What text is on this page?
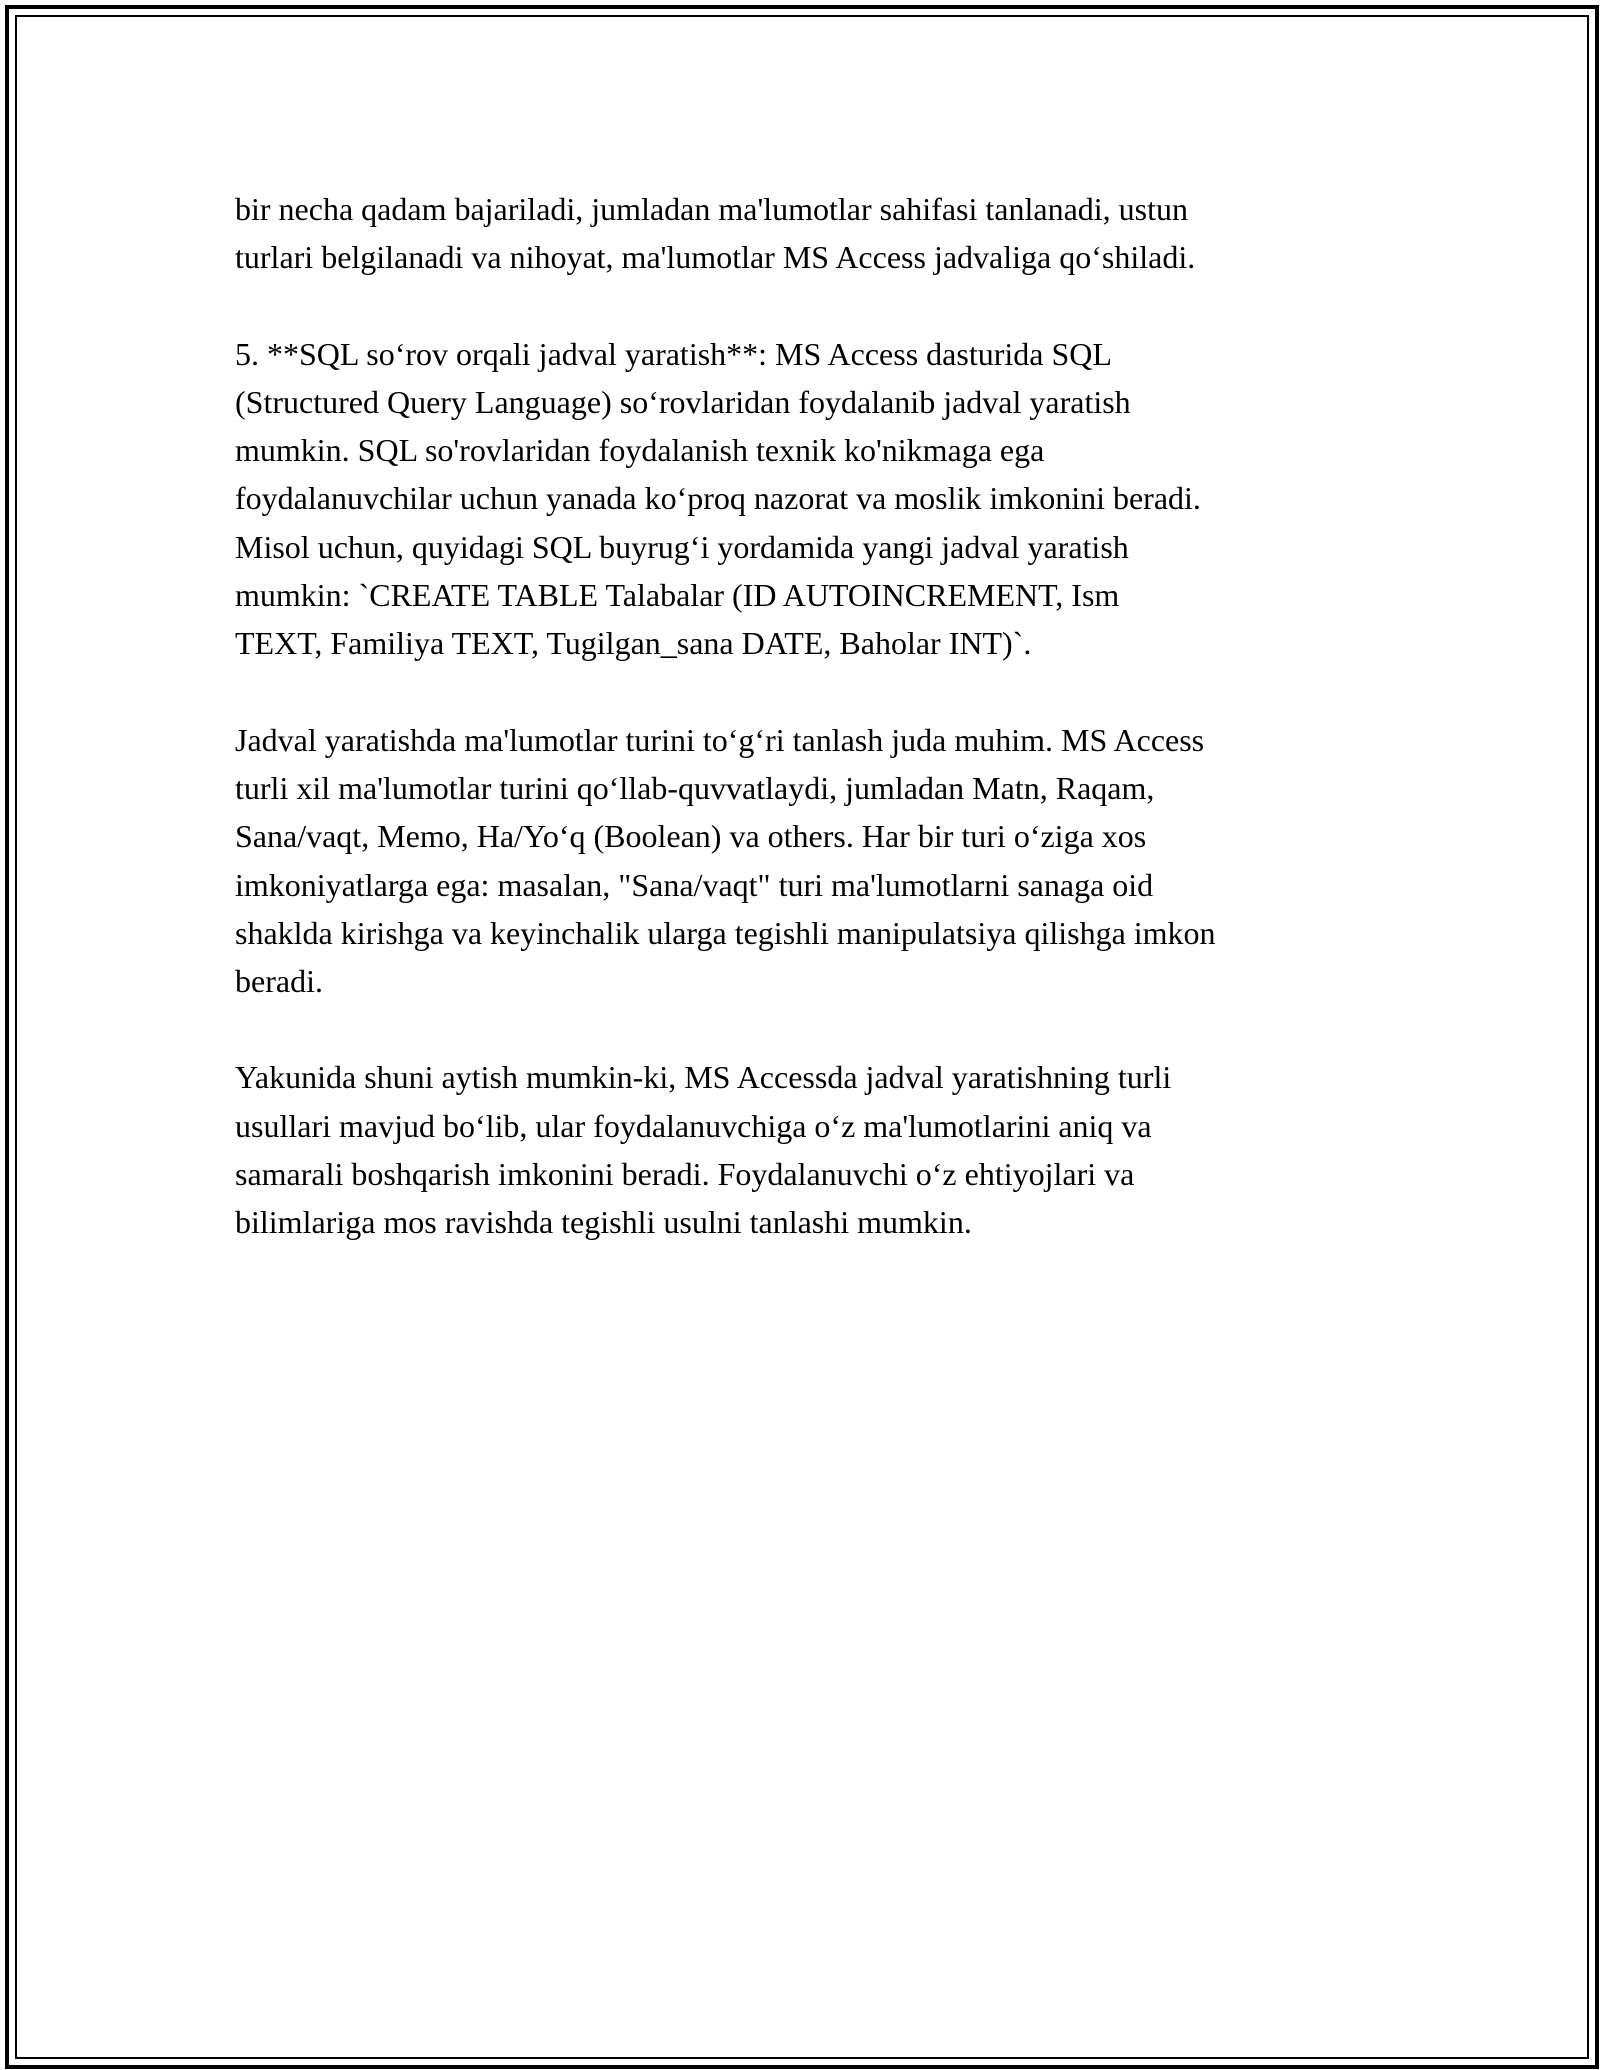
bir necha qadam bajariladi, jumladan ma'lumotlar sahifasi tanlanadi, ustun
turlari belgilanadi va nihoyat, ma'lumotlar MS Access jadvaliga qo‘shiladi.

5. **SQL so‘rov orqali jadval yaratish**: MS Access dasturida SQL
(Structured Query Language) so‘rovlaridan foydalanib jadval yaratish
mumkin. SQL so'rovlaridan foydalanish texnik ko'nikmaga ega
foydalanuvchilar uchun yanada ko‘proq nazorat va moslik imkonini beradi.
Misol uchun, quyidagi SQL buyrug‘i yordamida yangi jadval yaratish
mumkin: `CREATE TABLE Talabalar (ID AUTOINCREMENT, Ism
TEXT, Familiya TEXT, Tugilgan_sana DATE, Baholar INT)`.

Jadval yaratishda ma'lumotlar turini to‘g‘ri tanlash juda muhim. MS Access
turli xil ma'lumotlar turini qo‘llab-quvvatlaydi, jumladan Matn, Raqam,
Sana/vaqt, Memo, Ha/Yo‘q (Boolean) va others. Har bir turi o‘ziga xos
imkoniyatlarga ega: masalan, "Sana/vaqt" turi ma'lumotlarni sanaga oid
shaklda kirishga va keyinchalik ularga tegishli manipulatsiya qilishga imkon
beradi.

Yakunida shuni aytish mumkin-ki, MS Accessda jadval yaratishning turli
usullari mavjud bo‘lib, ular foydalanuvchiga o‘z ma'lumotlarini aniq va
samarali boshqarish imkonini beradi. Foydalanuvchi o‘z ehtiyojlari va
bilimlariga mos ravishda tegishli usulni tanlashi mumkin.
